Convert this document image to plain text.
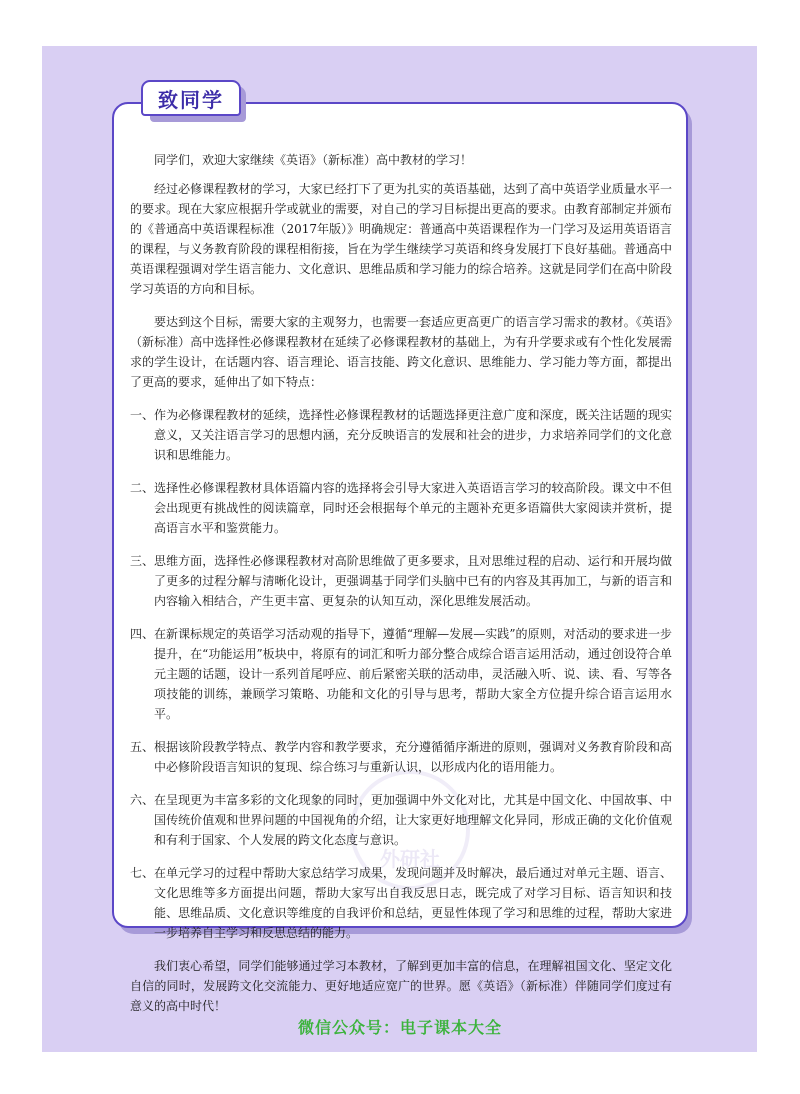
致同学
外研社

同学们，欢迎大家继续《英语》（新标准）高中教材的学习！

经过必修课程教材的学习，大家已经打下了更为扎实的英语基础，达到了高中英语学业质量水平一的要求。现在大家应根据升学或就业的需要，对自己的学习目标提出更高的要求。由教育部制定并颁布的《普通高中英语课程标准（2017年版）》明确规定：普通高中英语课程作为一门学习及运用英语语言的课程，与义务教育阶段的课程相衔接，旨在为学生继续学习英语和终身发展打下良好基础。普通高中英语课程强调对学生语言能力、文化意识、思维品质和学习能力的综合培养。这就是同学们在高中阶段学习英语的方向和目标。

要达到这个目标，需要大家的主观努力，也需要一套适应更高更广的语言学习需求的教材。《英语》（新标准）高中选择性必修课程教材在延续了必修课程教材的基础上，为有升学要求或有个性化发展需求的学生设计，在话题内容、语言理论、语言技能、跨文化意识、思维能力、学习能力等方面，都提出了更高的要求，延伸出了如下特点：

一、 作为必修课程教材的延续，选择性必修课程教材的话题选择更注意广度和深度，既关注话题的现实意义，又关注语言学习的思想内涵，充分反映语言的发展和社会的进步，力求培养同学们的文化意识和思维能力。
二、 选择性必修课程教材具体语篇内容的选择将会引导大家进入英语语言学习的较高阶段。课文中不但会出现更有挑战性的阅读篇章，同时还会根据每个单元的主题补充更多语篇供大家阅读并赏析，提高语言水平和鉴赏能力。
三、 思维方面，选择性必修课程教材对高阶思维做了更多要求，且对思维过程的启动、运行和开展均做了更多的过程分解与清晰化设计，更强调基于同学们头脑中已有的内容及其再加工，与新的语言和内容输入相结合，产生更丰富、更复杂的认知互动，深化思维发展活动。
四、 在新课标规定的英语学习活动观的指导下，遵循“理解—发展—实践”的原则，对活动的要求进一步提升，在“功能运用”板块中，将原有的词汇和听力部分整合成综合语言运用活动，通过创设符合单元主题的话题，设计一系列首尾呼应、前后紧密关联的活动串，灵活融入听、说、读、看、写等各项技能的训练，兼顾学习策略、功能和文化的引导与思考，帮助大家全方位提升综合语言运用水平。
五、 根据该阶段教学特点、教学内容和教学要求，充分遵循循序渐进的原则，强调对义务教育阶段和高中必修阶段语言知识的复现、综合练习与重新认识，以形成内化的语用能力。
六、 在呈现更为丰富多彩的文化现象的同时，更加强调中外文化对比，尤其是中国文化、中国故事、中国传统价值观和世界问题的中国视角的介绍，让大家更好地理解文化异同，形成正确的文化价值观和有利于国家、个人发展的跨文化态度与意识。
七、 在单元学习的过程中帮助大家总结学习成果，发现问题并及时解决，最后通过对单元主题、语言、文化思维等多方面提出问题，帮助大家写出自我反思日志，既完成了对学习目标、语言知识和技能、思维品质、文化意识等维度的自我评价和总结，更显性体现了学习和思维的过程，帮助大家进一步培养自主学习和反思总结的能力。

我们衷心希望，同学们能够通过学习本教材，了解到更加丰富的信息，在理解祖国文化、坚定文化自信的同时，发展跨文化交流能力、更好地适应宽广的世界。愿《英语》（新标准）伴随同学们度过有意义的高中时代！

微信公众号：电子课本大全
